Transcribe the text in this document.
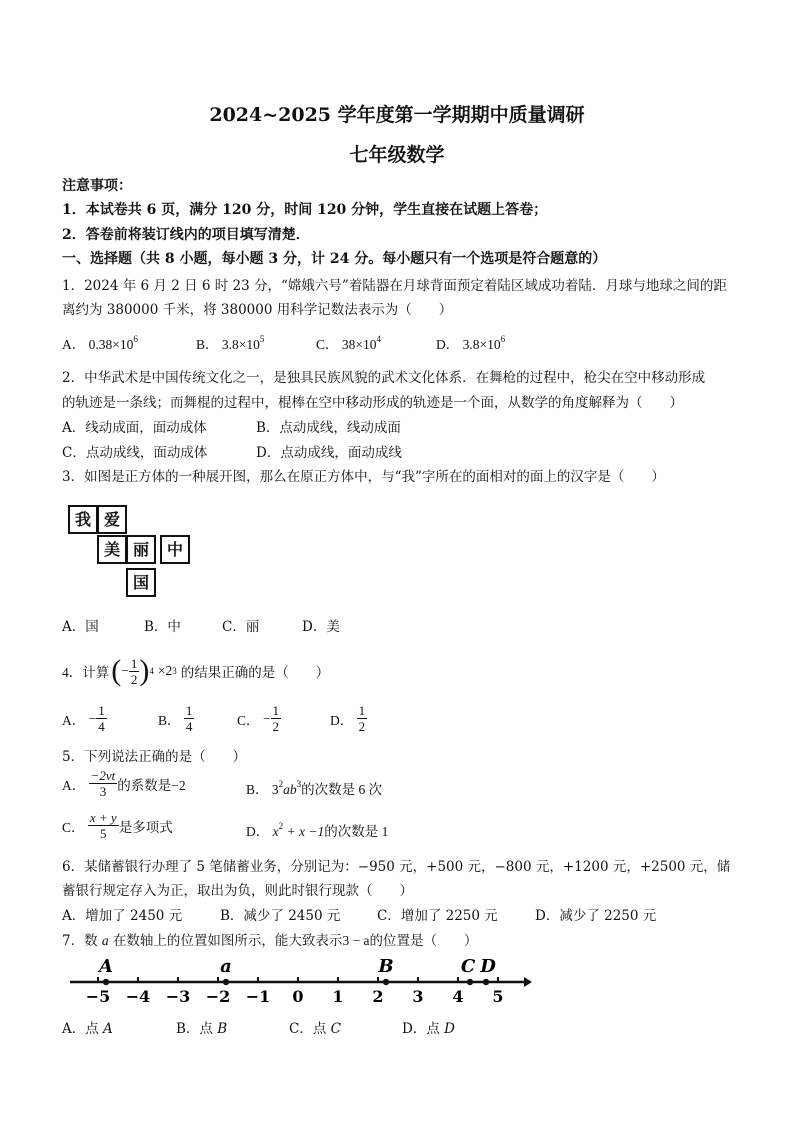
2024~2025 学年度第一学期期中质量调研
七年级数学
注意事项：
1．本试卷共 6 页，满分 120 分，时间 120 分钟，学生直接在试题上答卷；
2．答卷前将装订线内的项目填写清楚．
一、选择题（共 8 小题，每小题 3 分，计 24 分。每小题只有一个选项是符合题意的）
1．2024 年 6 月 2 日 6 时 23 分，“嫦娥六号”着陆器在月球背面预定着陆区域成功着陆．月球与地球之间的距
离约为 380000 千米，将 380000 用科学记数法表示为（　　）
A． $0.38\times 10^6$	B． $3.8\times 10^5$	C． $38\times 10^4$	D． $3.8\times 10^6$
2．中华武术是中国传统文化之一，是独具民族风貌的武术文化体系．在舞枪的过程中，枪尖在空中移动形成
的轨迹是一条线；而舞棍的过程中，棍棒在空中移动形成的轨迹是一个面，从数学的角度解释为（　　）
A．线动成面，面动成体	B．点动成线，线动成面
C．点动成线，面动成体	D．点动成线，面动成线
3．如图是正方体的一种展开图，那么在原正方体中，与“我”字所在的面相对的面上的汉字是（　　）
我 爱
美 丽	中
国
A．国	B．中	C．丽	D．美
4．计算 ( − $\frac{1}{2}$ ) 4 ×2 3 的结果正确的是（　　）
A．
− $\frac{1}{4}$	B．
$\frac{1}{4}$	C．
− $\frac{1}{2}$	D．
$\frac{1}{2}$
5．下列说法正确的是（　　）
A．
$\frac{-2vt}{3}$ 的系数是−2	B． $3^2ab^3$的次数是 6 次
C．
$\frac{x + y}{5}$ 是多项式	D． $x^2 + x -1$的次数是 1
6．某储蓄银行办理了 5 笔储蓄业务，分别记为：−950 元，+500 元，−800 元，+1200 元，+2500 元，储
蓄银行规定存入为正，取出为负，则此时银行现款（　　）
A．增加了 2450 元	B．减少了 2450 元	C．增加了 2250 元	D．减少了 2250 元
7．数 a 在数轴上的位置如图所示，能大致表示3 − a的位置是（　　）
−5 −4 −3 −2 −1 0 1 2 3 4 5
A	a	B	C D
A．点 A	B．点 B	C．点 C	D．点 D
